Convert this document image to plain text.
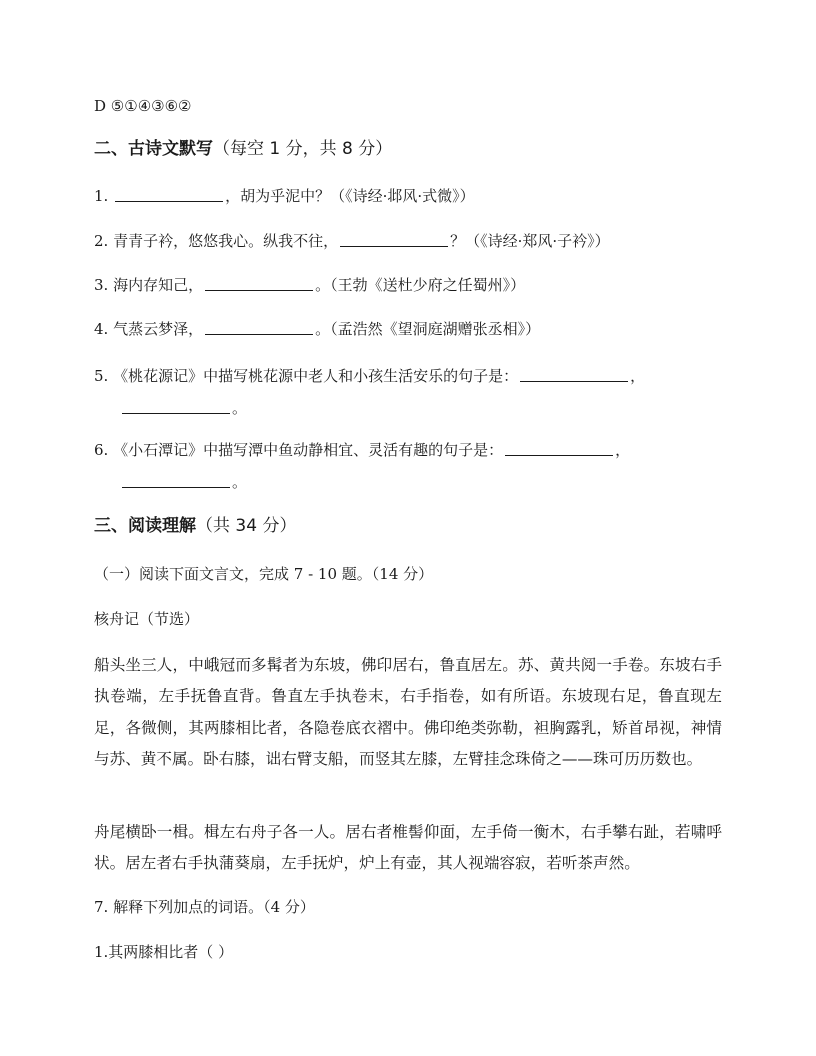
D ⑤①④③⑥②
二、古诗文默写（每空 1 分，共 8 分）
1.	，胡为乎泥中？（《诗经·邶风·式微》）
2. 青青子衿，悠悠我心。纵我不往，	？（《诗经·郑风·子衿》）
3. 海内存知己，	。（王勃《送杜少府之任蜀州》）
4. 气蒸云梦泽，	。（孟浩然《望洞庭湖赠张丞相》）
5. 《桃花源记》中描写桃花源中老人和小孩生活安乐的句子是：	，
。
6. 《小石潭记》中描写潭中鱼动静相宜、灵活有趣的句子是：	，
。
三、阅读理解（共 34 分）
（一）阅读下面文言文，完成 7 - 10 题。（14 分）
核舟记（节选）
船头坐三人，中峨冠而多髯者为东坡，佛印居右，鲁直居左。苏、黄共阅一手卷。东坡右手执卷端，左手抚鲁直背。鲁直左手执卷末，右手指卷，如有所语。东坡现右足，鲁直现左足，各微侧，其两膝相比者，各隐卷底衣褶中。佛印绝类弥勒，袒胸露乳，矫首昂视，神情与苏、黄不属。卧右膝，诎右臂支船，而竖其左膝，左臂挂念珠倚之——珠可历历数也。
舟尾横卧一楫。楫左右舟子各一人。居右者椎髻仰面，左手倚一衡木，右手攀右趾，若啸呼状。居左者右手执蒲葵扇，左手抚炉，炉上有壶，其人视端容寂，若听茶声然。
7. 解释下列加点的词语。（4 分）
1.其两膝相比者（ ）
